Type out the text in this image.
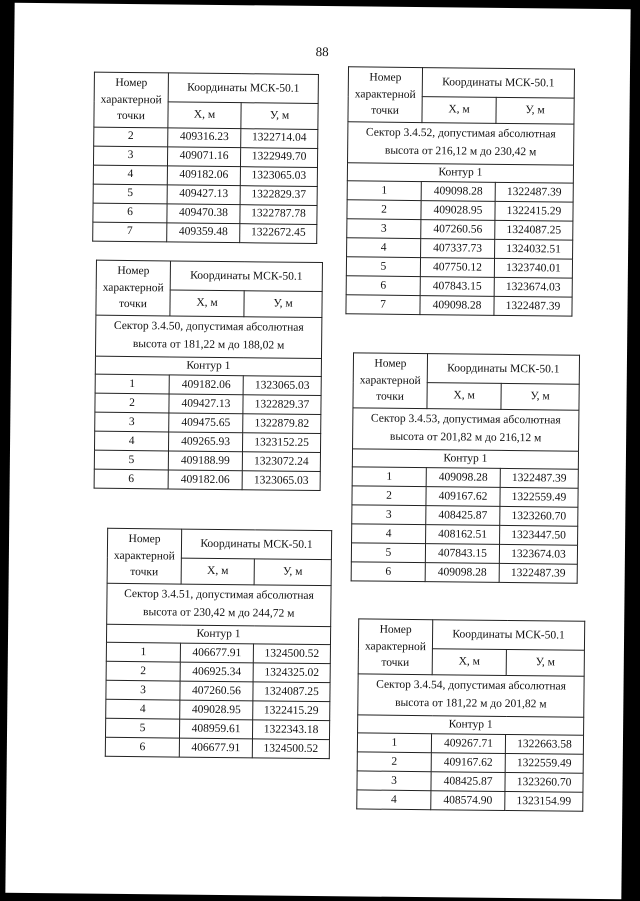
88
Номер характерной точки	Координаты МСК-50.1	
	X, м	У, м
2	409316.23	1322714.04
3	409071.16	1322949.70
4	409182.06	1323065.03
5	409427.13	1322829.37
6	409470.38	1322787.78
7	409359.48	1322672.45
Номер характерной точки	Координаты МСК-50.1	
	X, м	У, м
Сектор 3.4.50, допустимая абсолютная высота от 181,22 м до 188,02 м		
Контур 1		
1	409182.06	1323065.03
2	409427.13	1322829.37
3	409475.65	1322879.82
4	409265.93	1323152.25
5	409188.99	1323072.24
6	409182.06	1323065.03
Номер характерной точки	Координаты МСК-50.1	
	X, м	У, м
Сектор 3.4.51, допустимая абсолютная высота от 230,42 м до 244,72 м		
Контур 1		
1	406677.91	1324500.52
2	406925.34	1324325.02
3	407260.56	1324087.25
4	409028.95	1322415.29
5	408959.61	1322343.18
6	406677.91	1324500.52
Номер характерной точки	Координаты МСК-50.1	
	X, м	У, м
Сектор 3.4.52, допустимая абсолютная высота от 216,12 м до 230,42 м		
Контур 1		
1	409098.28	1322487.39
2	409028.95	1322415.29
3	407260.56	1324087.25
4	407337.73	1324032.51
5	407750.12	1323740.01
6	407843.15	1323674.03
7	409098.28	1322487.39
Номер характерной точки	Координаты МСК-50.1	
	X, м	У, м
Сектор 3.4.53, допустимая абсолютная высота от 201,82 м до 216,12 м		
Контур 1		
1	409098.28	1322487.39
2	409167.62	1322559.49
3	408425.87	1323260.70
4	408162.51	1323447.50
5	407843.15	1323674.03
6	409098.28	1322487.39
Номер характерной точки	Координаты МСК-50.1	
	X, м	У, м
Сектор 3.4.54, допустимая абсолютная высота от 181,22 м до 201,82 м		
Контур 1		
1	409267.71	1322663.58
2	409167.62	1322559.49
3	408425.87	1323260.70
4	408574.90	1323154.99
